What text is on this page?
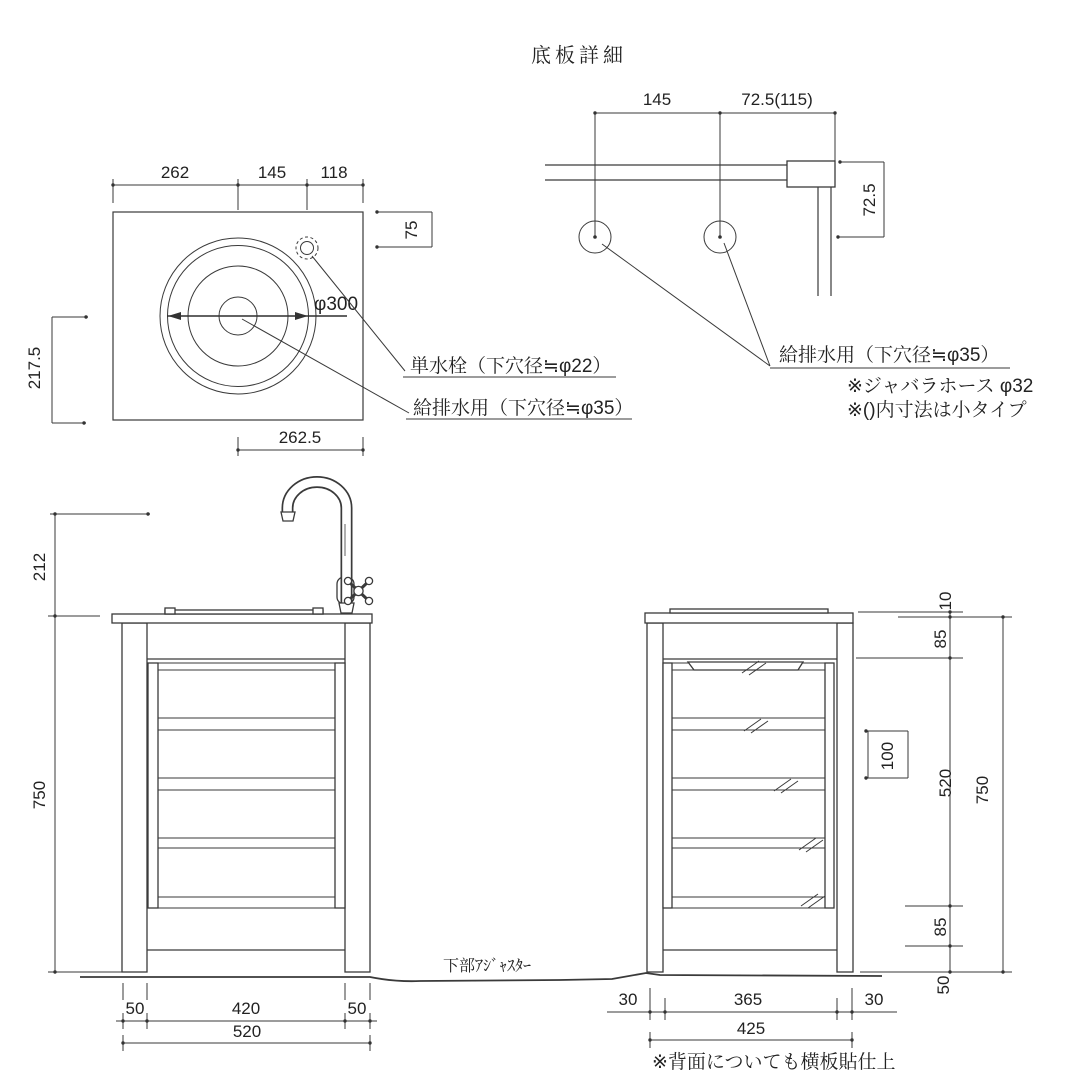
底板詳細
262	145 118
75
217.5
262.5
φ300
単水栓（下穴径≒φ22）
給排水用（下穴径≒φ35）
145	72.5(115)
72.5
給排水用（下穴径≒φ35）
※ジャバラホース φ32
※()内寸法は小タイプ
212
750
50	420	50
520
100
10
85
520
85
50
750
30	365	30
425
※背面についても横板貼仕上
下部ｱｼﾞｬｽﾀｰ
